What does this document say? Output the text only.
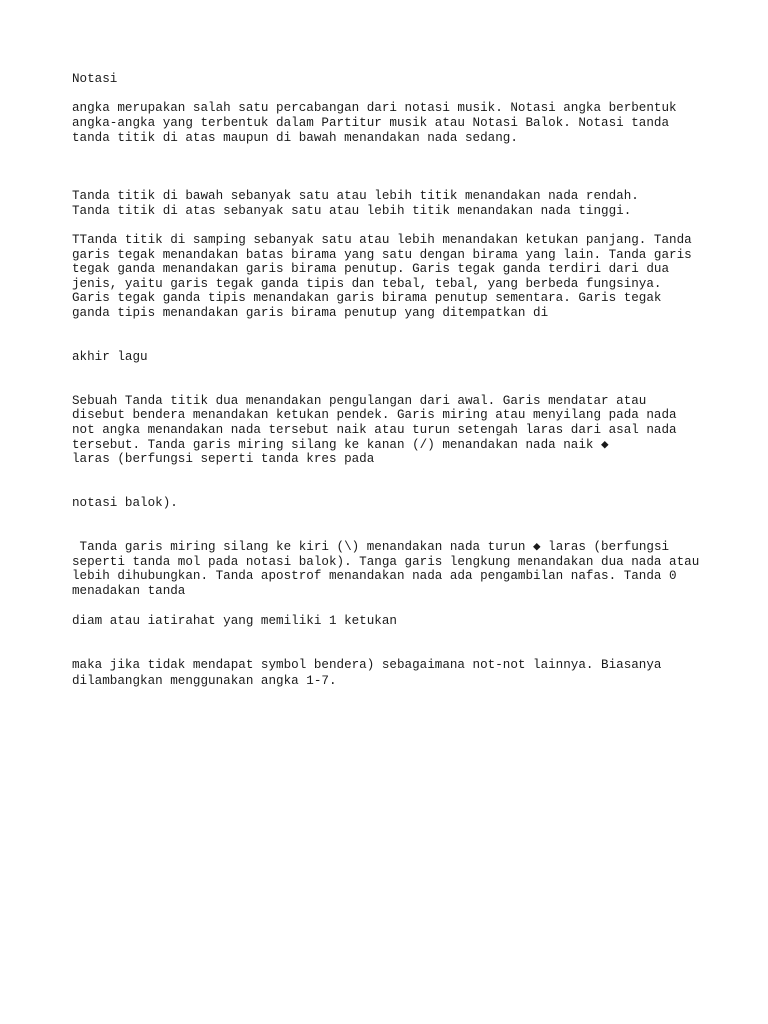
Notasi

angka merupakan salah satu percabangan dari notasi musik. Notasi angka berbentuk

angka-angka yang terbentuk dalam Partitur musik atau Notasi Balok. Notasi tanda

tanda titik di atas maupun di bawah menandakan nada sedang.

Tanda titik di bawah sebanyak satu atau lebih titik menandakan nada rendah.

Tanda titik di atas sebanyak satu atau lebih titik menandakan nada tinggi.

TTanda titik di samping sebanyak satu atau lebih menandakan ketukan panjang. Tanda

garis tegak menandakan batas birama yang satu dengan birama yang lain. Tanda garis

tegak ganda menandakan garis birama penutup. Garis tegak ganda terdiri dari dua

jenis, yaitu garis tegak ganda tipis dan tebal, tebal, yang berbeda fungsinya.

Garis tegak ganda tipis menandakan garis birama penutup sementara. Garis tegak

ganda tipis menandakan garis birama penutup yang ditempatkan di

akhir lagu

Sebuah Tanda titik dua menandakan pengulangan dari awal. Garis mendatar atau

disebut bendera menandakan ketukan pendek. Garis miring atau menyilang pada nada

not angka menandakan nada tersebut naik atau turun setengah laras dari asal nada

tersebut. Tanda garis miring silang ke kanan (/) menandakan nada naik ◆

laras (berfungsi seperti tanda kres pada

notasi balok).

Tanda garis miring silang ke kiri (\) menandakan nada turun ◆ laras (berfungsi

seperti tanda mol pada notasi balok). Tanga garis lengkung menandakan dua nada atau

lebih dihubungkan. Tanda apostrof menandakan nada ada pengambilan nafas. Tanda 0

menadakan tanda

diam atau iatirahat yang memiliki 1 ketukan

maka jika tidak mendapat symbol bendera) sebagaimana not-not lainnya. Biasanya

dilambangkan menggunakan angka 1-7.
